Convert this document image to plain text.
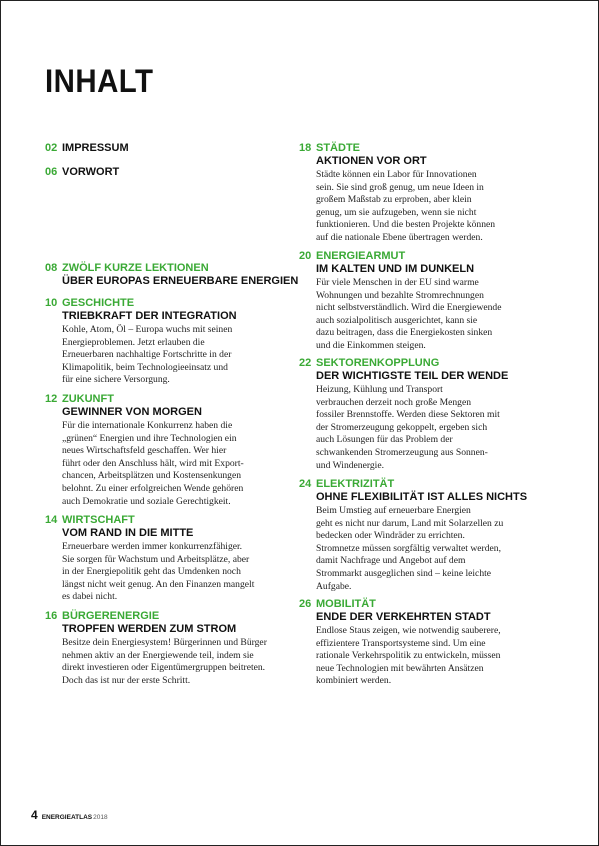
INHALT
02 IMPRESSUM
06 VORWORT
08 ZWÖLF KURZE LEKTIONEN
ÜBER EUROPAS ERNEUERBARE ENERGIEN
10 GESCHICHTE
TRIEBKRAFT DER INTEGRATION
Kohle, Atom, Öl – Europa wuchs mit seinen
Energieproblemen. Jetzt erlauben die
Erneuerbaren nachhaltige Fortschritte in der
Klimapolitik, beim Technologieeinsatz und
für eine sichere Versorgung.
12 ZUKUNFT
GEWINNER VON MORGEN
Für die internationale Konkurrenz haben die
„grünen“ Energien und ihre Technologien ein
neues Wirtschaftsfeld geschaffen. Wer hier
führt oder den Anschluss hält, wird mit Export-
chancen, Arbeitsplätzen und Kostensenkungen
belohnt. Zu einer erfolgreichen Wende gehören
auch Demokratie und soziale Gerechtigkeit.
14 WIRTSCHAFT
VOM RAND IN DIE MITTE
Erneuerbare werden immer konkurrenzfähiger.
Sie sorgen für Wachstum und Arbeitsplätze, aber
in der Energiepolitik geht das Umdenken noch
längst nicht weit genug. An den Finanzen mangelt
es dabei nicht.
16 BÜRGERENERGIE
TROPFEN WERDEN ZUM STROM
Besitze dein Energiesystem! Bürgerinnen und Bürger
nehmen aktiv an der Energiewende teil, indem sie
direkt investieren oder Eigentümergruppen beitreten.
Doch das ist nur der erste Schritt.
18 STÄDTE
AKTIONEN VOR ORT
Städte können ein Labor für Innovationen
sein. Sie sind groß genug, um neue Ideen in
großem Maßstab zu erproben, aber klein
genug, um sie aufzugeben, wenn sie nicht
funktionieren. Und die besten Projekte können
auf die nationale Ebene übertragen werden.
20 ENERGIEARMUT
IM KALTEN UND IM DUNKELN
Für viele Menschen in der EU sind warme
Wohnungen und bezahlte Stromrechnungen
nicht selbstverständlich. Wird die Energiewende
auch sozialpolitisch ausgerichtet, kann sie
dazu beitragen, dass die Energiekosten sinken
und die Einkommen steigen.
22 SEKTORENKOPPLUNG
DER WICHTIGSTE TEIL DER WENDE
Heizung, Kühlung und Transport
verbrauchen derzeit noch große Mengen
fossiler Brennstoffe. Werden diese Sektoren mit
der Stromerzeugung gekoppelt, ergeben sich
auch Lösungen für das Problem der
schwankenden Stromerzeugung aus Sonnen-
und Windenergie.
24 ELEKTRIZITÄT
OHNE FLEXIBILITÄT IST ALLES NICHTS
Beim Umstieg auf erneuerbare Energien
geht es nicht nur darum, Land mit Solarzellen zu
bedecken oder Windräder zu errichten.
Stromnetze müssen sorgfältig verwaltet werden,
damit Nachfrage und Angebot auf dem
Strommarkt ausgeglichen sind – keine leichte
Aufgabe.
26 MOBILITÄT
ENDE DER VERKEHRTEN STADT
Endlose Staus zeigen, wie notwendig sauberere,
effizientere Transportsysteme sind. Um eine
rationale Verkehrspolitik zu entwickeln, müssen
neue Technologien mit bewährten Ansätzen
kombiniert werden.
4 ENERGIEATLAS2018
